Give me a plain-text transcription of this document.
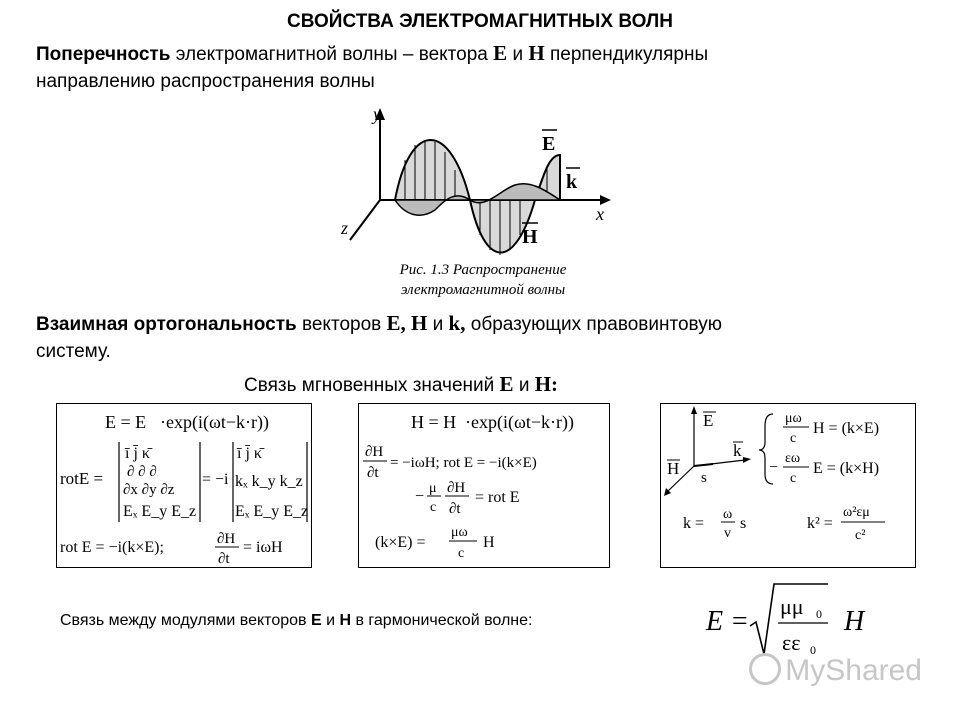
СВОЙСТВА ЭЛЕКТРОМАГНИТНЫХ ВОЛН
Поперечность электромагнитной волны – вектора E и H перпендикулярны
направлению распространения волны
y
x
z
E
k
H
Рис. 1.3 Распространение
электромагнитной волны
Взаимная ортогональность векторов E, H и k, образующих правовинтовую
систему.
Связь мгновенных значений E и H:
E = E ·exp(i(ωt−k·r))
rotE =
ī j̄ κ̄
∂ ∂ ∂
∂x ∂y ∂z
Eₓ E_y E_z
= −i
ī j̄ κ̄
kₓ k_y k_z
Eₓ E_y E_z
rot E = −i(k×E);	∂H
∂t
= iωH
H = H ·exp(i(ωt−k·r))
∂H
∂t
= −iωH; rot E = −i(k×E)
− μ
c
∂H
∂t
= rot E
(k×E) =
μω
c
H
E
H
k
s
μω
c
H = (k×E)
−
εω
c
E = (k×H)
k =
ω
v
s	k² =
ω²εμ
c²
Связь между модулями векторов E и H в гармонической волне:	E = μμ 0
εε 0
H
MyShared
